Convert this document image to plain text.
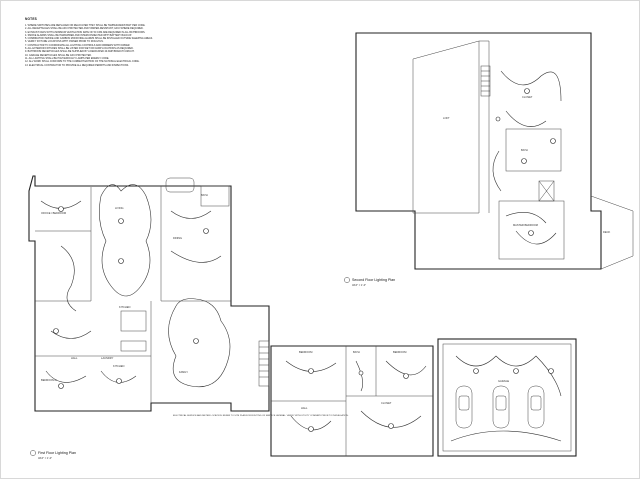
NOTES
1. WHERE SWITCHES ARE REPLACED OR RELOCATED THEY SHALL BE TAMPER-RESISTANT PER CODE.
2. ALL RECEPTACLES SHALL BE AFCI PROTECTED AND TAMPER-RESISTANT; GFCI WHERE REQUIRED.
3. EXHAUST FANS WITH A MINIMUM VENTILATION RATE OF 50 CFM ARE REQUIRED IN ALL BATHROOMS.
4. SMOKE ALARMS SHALL BE HARDWIRED AND INTERCONNECTED WITH BATTERY BACKUP.
5. COMBINATION SMOKE AND CARBON MONOXIDE ALARMS SHALL BE INSTALLED OUTSIDE SLEEPING AREAS.
6. VERIFY FIXTURE LOCATIONS WITH OWNER PRIOR TO ROUGH-IN.
7. CONTRACTOR TO COORDINATE ALL LIGHTING CONTROLS AND DIMMERS WITH OWNER.
8. ALL EXTERIOR FIXTURES SHALL BE LISTED FOR WET OR DAMP LOCATIONS AS REQUIRED.
9. BATHROOM RECEPTACLES SHALL BE SUPPLIED BY A DEDICATED 20 AMP BRANCH CIRCUIT.
10. GARAGE RECEPTACLES SHALL BE GFCI PROTECTED.
11. ALL LIGHTING SHALL BE HIGH EFFICACY LAMPS PER ENERGY CODE.
12. ALL WORK SHALL CONFORM TO THE CURRENT EDITION OF THE NATIONAL ELECTRICAL CODE.
13. ELECTRICAL CONTRACTOR TO PROVIDE ALL REQUIRED PERMITS AND INSPECTIONS.
LOFT
BATH
CLOSET
MASTER BEDROOM
DECK
Second Floor Lighting Plan
3/16" = 1'-0"
OFFICE / BEDROOM
LIVING
KITCHEN
DINING
BEDROOM 2
BATH
FAMILY
HALL	LAUNDRY
KITCHEN
ELECTRICAL SERVICE AND METER LOCATION. REFER TO SITE PLAN FOR ROUTING OF SERVICE LATERAL. VERIFY WITH UTILITY COMPANY PRIOR TO INSTALLATION.
First Floor Lighting Plan
3/16" = 1'-0"
BEDROOM	BATH	BEDROOM
HALL
CLOSET
GARAGE
